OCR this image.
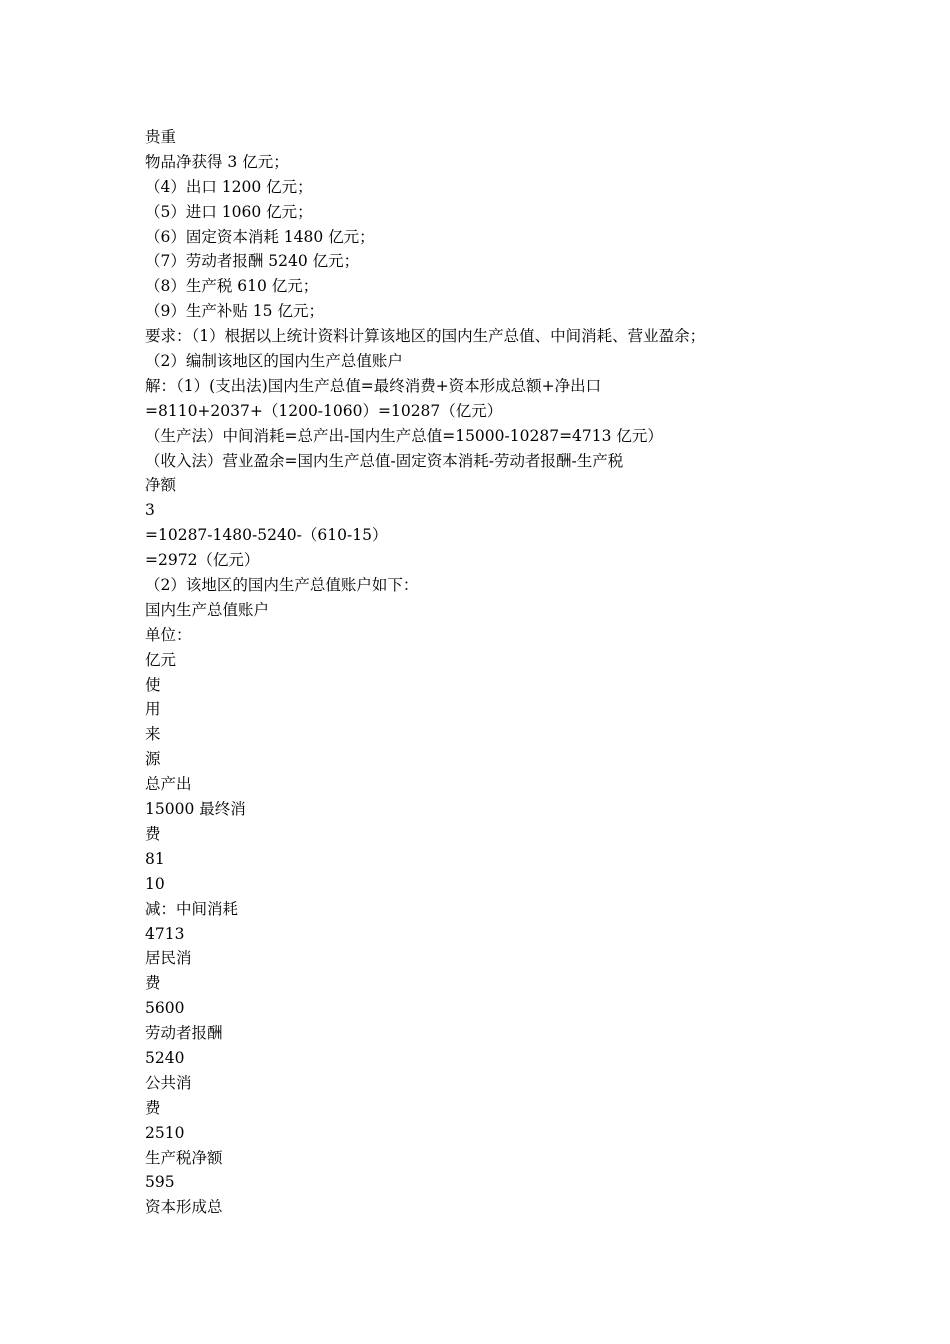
贵重
物品净获得 3 亿元；
（4）出口 1200 亿元；
（5）进口 1060 亿元；
（6）固定资本消耗 1480 亿元；
（7）劳动者报酬 5240 亿元；
（8）生产税 610 亿元；
（9）生产补贴 15 亿元；
要求：（1）根据以上统计资料计算该地区的国内生产总值、中间消耗、营业盈余；
（2）编制该地区的国内生产总值账户
解：（1）(支出法)国内生产总值=最终消费+资本形成总额+净出口
=8110+2037+（1200-1060）=10287（亿元）
（生产法）中间消耗=总产出-国内生产总值=15000-10287=4713 亿元）
（收入法）营业盈余=国内生产总值-固定资本消耗-劳动者报酬-生产税
净额
3
=10287-1480-5240-（610-15）
=2972（亿元）
（2）该地区的国内生产总值账户如下：
国内生产总值账户
单位：
亿元
使
用
来
源
总产出
15000 最终消
费
81
10
减：中间消耗
4713
居民消
费
5600
劳动者报酬
5240
公共消
费
2510
生产税净额
595
资本形成总
